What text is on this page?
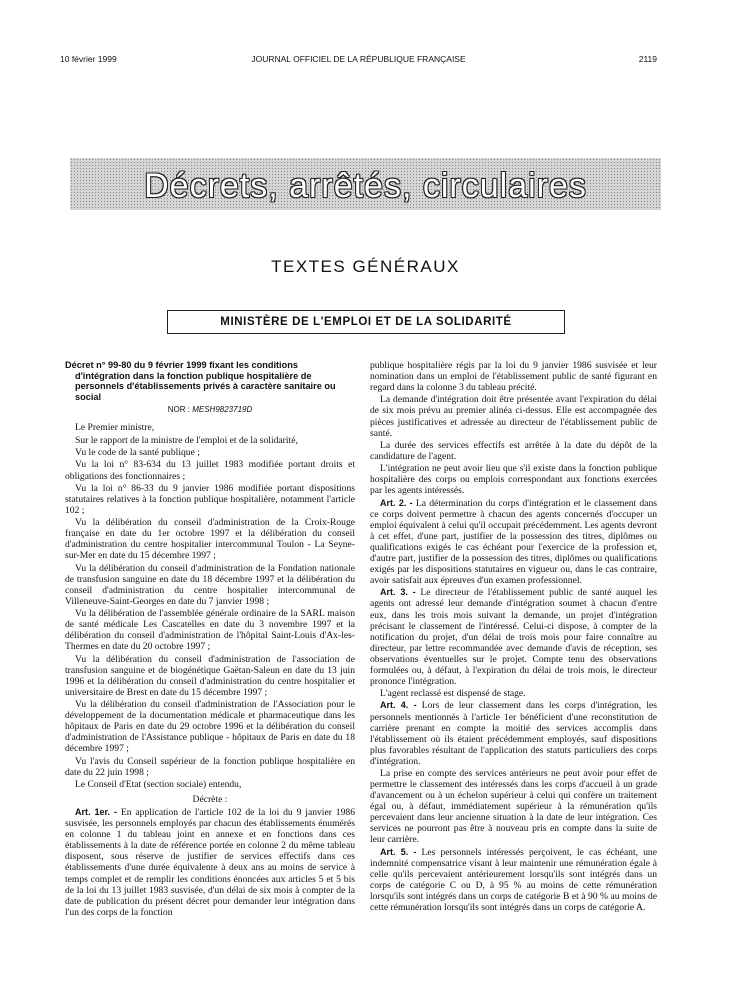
10 février 1999	JOURNAL OFFICIEL DE LA RÉPUBLIQUE FRANÇAISE	2119
Décrets, arrêtés, circulaires
TEXTES GÉNÉRAUX
MINISTÈRE DE L'EMPLOI ET DE LA SOLIDARITÉ

Décret n° 99-80 du 9 février 1999 fixant les conditions d'intégration dans la fonction publique hospitalière de personnels d'établissements privés à caractère sanitaire ou social

NOR : MESH9823719D

Le Premier ministre,

Sur le rapport de la ministre de l'emploi et de la solidarité,

Vu le code de la santé publique ;

Vu la loi n° 83-634 du 13 juillet 1983 modifiée portant droits et obligations des fonctionnaires ;

Vu la loi n° 86-33 du 9 janvier 1986 modifiée portant dispositions statutaires relatives à la fonction publique hospitalière, notamment l'article 102 ;

Vu la délibération du conseil d'administration de la Croix-Rouge française en date du 1er octobre 1997 et la délibération du conseil d'administration du centre hospitalier intercommunal Toulon - La Seyne-sur-Mer en date du 15 décembre 1997 ;

Vu la délibération du conseil d'administration de la Fondation nationale de transfusion sanguine en date du 18 décembre 1997 et la délibération du conseil d'administration du centre hospitalier intercommunal de Villeneuve-Saint-Georges en date du 7 janvier 1998 ;

Vu la délibération de l'assemblée générale ordinaire de la SARL maison de santé médicale Les Cascatelles en date du 3 novembre 1997 et la délibération du conseil d'administration de l'hôpital Saint-Louis d'Ax-les-Thermes en date du 20 octobre 1997 ;

Vu la délibération du conseil d'administration de l'association de transfusion sanguine et de biogénétique Gaëtan-Saleun en date du 13 juin 1996 et la délibération du conseil d'administration du centre hospitalier et universitaire de Brest en date du 15 décembre 1997 ;

Vu la délibération du conseil d'administration de l'Association pour le développement de la documentation médicale et pharmaceutique dans les hôpitaux de Paris en date du 29 octobre 1996 et la délibération du conseil d'administration de l'Assistance publique - hôpitaux de Paris en date du 18 décembre 1997 ;

Vu l'avis du Conseil supérieur de la fonction publique hospitalière en date du 22 juin 1998 ;

Le Conseil d'Etat (section sociale) entendu,

Décrète :

Art. 1er. - En application de l'article 102 de la loi du 9 janvier 1986 susvisée, les personnels employés par chacun des établissements énumérés en colonne 1 du tableau joint en annexe et en fonctions dans ces établissements à la date de référence portée en colonne 2 du même tableau disposent, sous réserve de justifier de services effectifs dans ces établissements d'une durée équivalente à deux ans au moins de service à temps complet et de remplir les conditions énoncées aux articles 5 et 5 bis de la loi du 13 juillet 1983 susvisée, d'un délai de six mois à compter de la date de publication du présent décret pour demander leur intégration dans l'un des corps de la fonction

publique hospitalière régis par la loi du 9 janvier 1986 susvisée et leur nomination dans un emploi de l'établissement public de santé figurant en regard dans la colonne 3 du tableau précité.

La demande d'intégration doit être présentée avant l'expiration du délai de six mois prévu au premier alinéa ci-dessus. Elle est accompagnée des pièces justificatives et adressée au directeur de l'établissement public de santé.

La durée des services effectifs est arrêtée à la date du dépôt de la candidature de l'agent.

L'intégration ne peut avoir lieu que s'il existe dans la fonction publique hospitalière des corps ou emplois correspondant aux fonctions exercées par les agents intéressés.

Art. 2. - La détermination du corps d'intégration et le classement dans ce corps doivent permettre à chacun des agents concernés d'occuper un emploi équivalent à celui qu'il occupait précédemment. Les agents devront à cet effet, d'une part, justifier de la possession des titres, diplômes ou qualifications exigés le cas échéant pour l'exercice de la profession et, d'autre part, justifier de la possession des titres, diplômes ou qualifications exigés par les dispositions statutaires en vigueur ou, dans le cas contraire, avoir satisfait aux épreuves d'un examen professionnel.

Art. 3. - Le directeur de l'établissement public de santé auquel les agents ont adressé leur demande d'intégration soumet à chacun d'entre eux, dans les trois mois suivant la demande, un projet d'intégration précisant le classement de l'intéressé. Celui-ci dispose, à compter de la notification du projet, d'un délai de trois mois pour faire connaître au directeur, par lettre recommandée avec demande d'avis de réception, ses observations éventuelles sur le projet. Compte tenu des observations formulées ou, à défaut, à l'expiration du délai de trois mois, le directeur prononce l'intégration.

L'agent reclassé est dispensé de stage.

Art. 4. - Lors de leur classement dans les corps d'intégration, les personnels mentionnés à l'article 1er bénéficient d'une reconstitution de carrière prenant en compte la moitié des services accomplis dans l'établissement où ils étaient précédemment employés, sauf dispositions plus favorables résultant de l'application des statuts particuliers des corps d'intégration.

La prise en compte des services antérieurs ne peut avoir pour effet de permettre le classement des intéressés dans les corps d'accueil à un grade d'avancement ou à un échelon supérieur à celui qui confère un traitement égal ou, à défaut, immédiatement supérieur à la rémunération qu'ils percevaient dans leur ancienne situation à la date de leur intégration. Ces services ne pourront pas être à nouveau pris en compte dans la suite de leur carrière.

Art. 5. - Les personnels intéressés perçoivent, le cas échéant, une indemnité compensatrice visant à leur maintenir une rémunération égale à celle qu'ils percevaient antérieurement lorsqu'ils sont intégrés dans un corps de catégorie C ou D, à 95 % au moins de cette rémunération lorsqu'ils sont intégrés dans un corps de catégorie B et à 90 % au moins de cette rémunération lorsqu'ils sont intégrés dans un corps de catégorie A.
